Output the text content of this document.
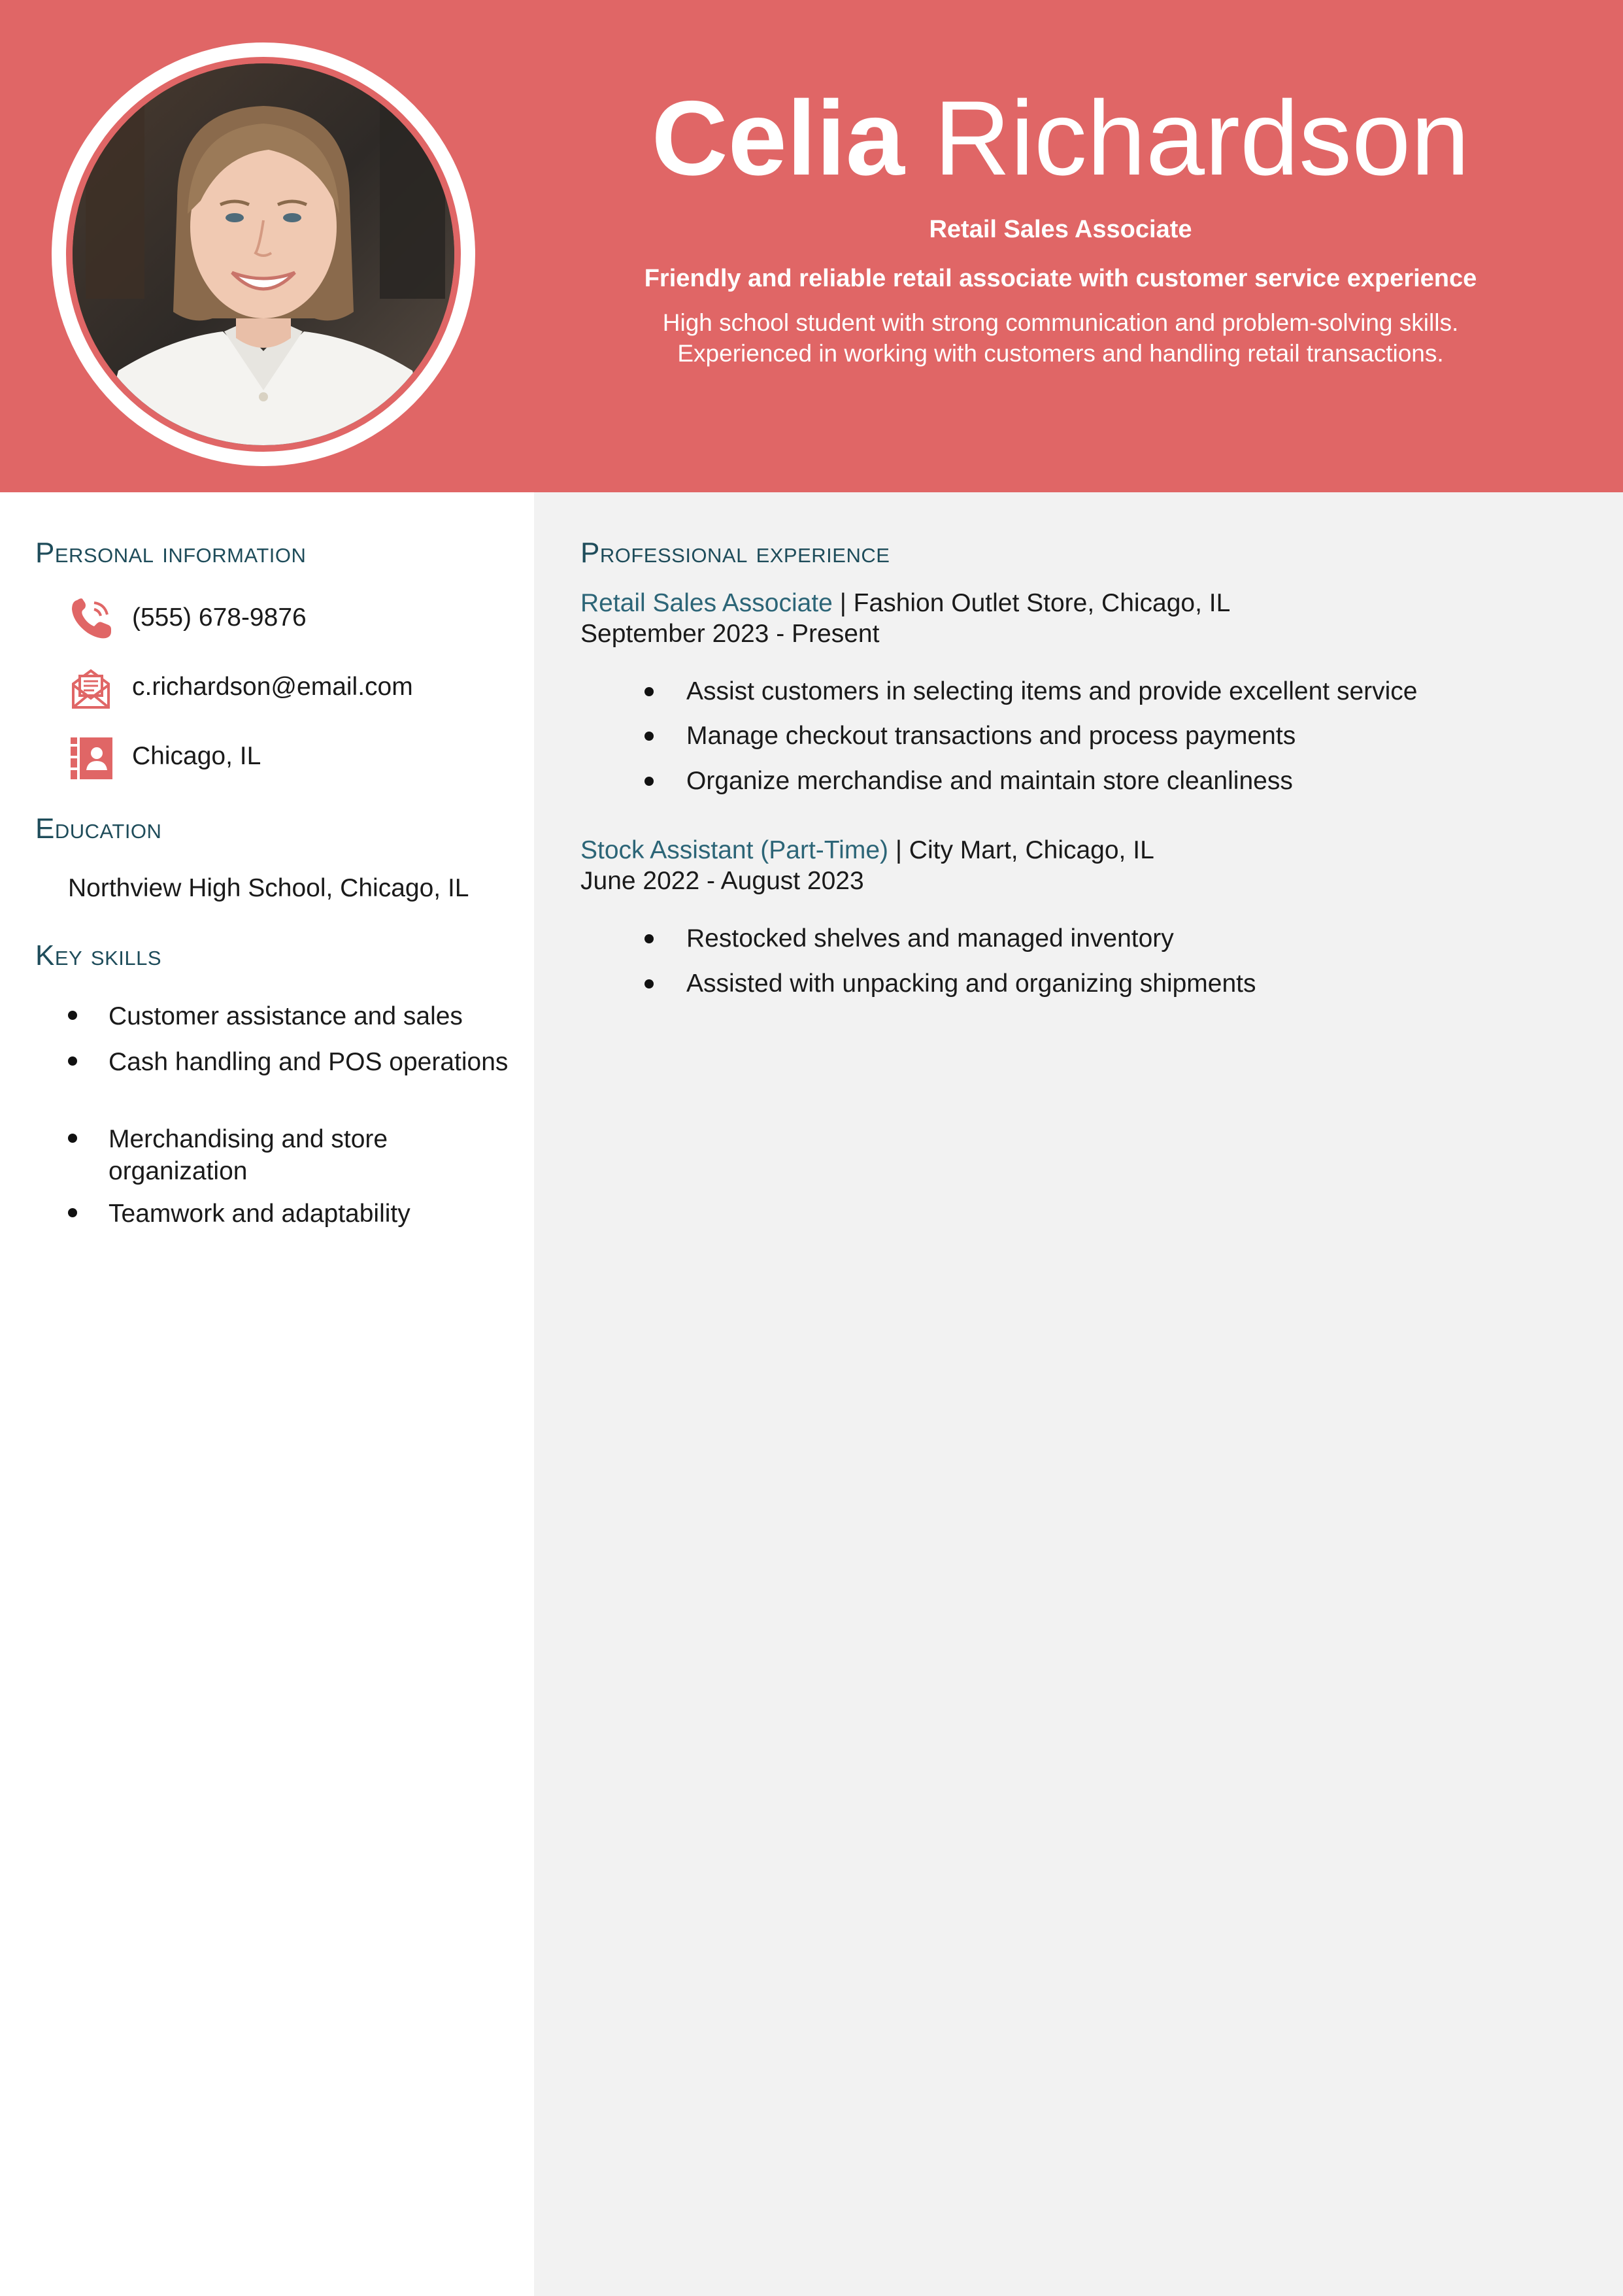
Celia Richardson
Retail Sales Associate
Friendly and reliable retail associate with customer service experience
High school student with strong communication and problem-solving skills.
Experienced in working with customers and handling retail transactions.
Personal information
(555) 678-9876
c.richardson@email.com
Chicago, IL
Education
Northview High School, Chicago, IL
Key skills
Customer assistance and sales
Cash handling and POS operations
Merchandising and store organization
Teamwork and adaptability
Professional experience
Retail Sales Associate | Fashion Outlet Store, Chicago, IL
September 2023 - Present
Assist customers in selecting items and provide excellent service
Manage checkout transactions and process payments
Organize merchandise and maintain store cleanliness
Stock Assistant (Part-Time) | City Mart, Chicago, IL
June 2022 - August 2023
Restocked shelves and managed inventory
Assisted with unpacking and organizing shipments
